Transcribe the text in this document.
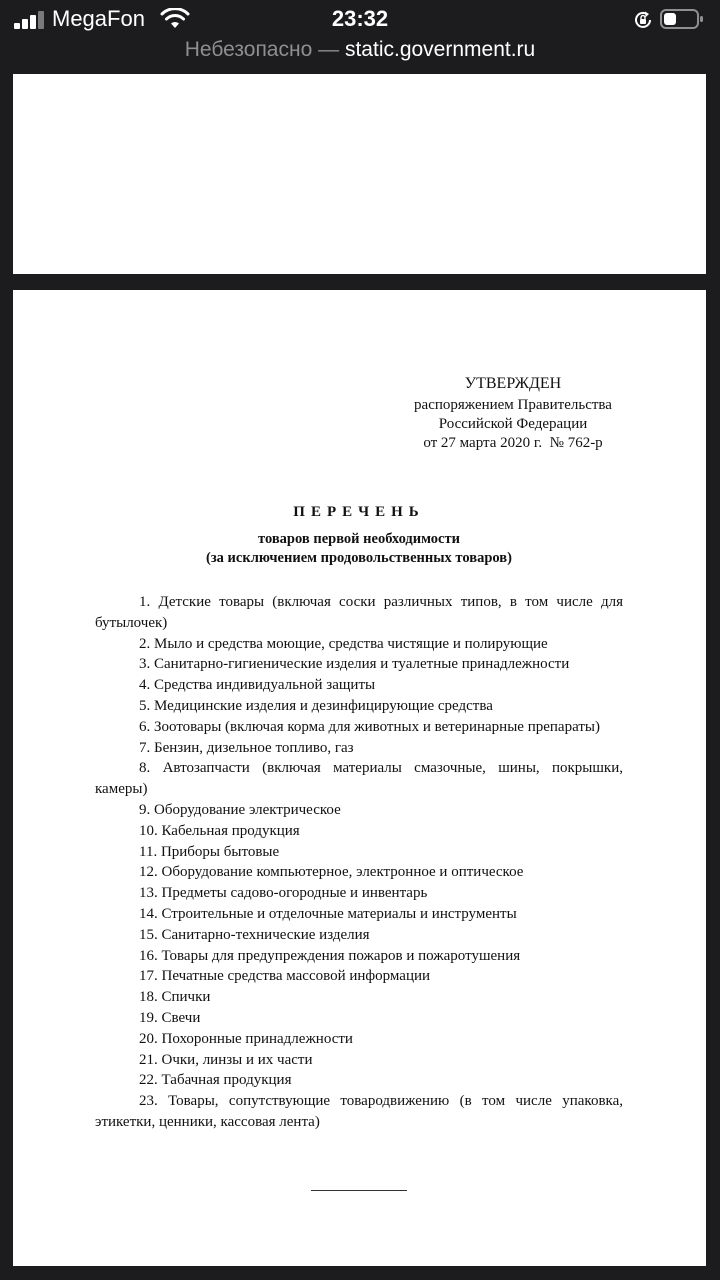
MegaFon	23:32
Небезопасно — static.government.ru
УТВЕРЖДЕН
распоряжением Правительства
Российской Федерации
от 27 марта 2020 г.  № 762-р
ПЕРЕЧЕНЬ
товаров первой необходимости
(за исключением продовольственных товаров)

1. Детские товары (включая соски различных типов, в том числе для бутылочек)

2. Мыло и средства моющие, средства чистящие и полирующие

3. Санитарно-гигиенические изделия и туалетные принадлежности

4. Средства индивидуальной защиты

5. Медицинские изделия и дезинфицирующие средства

6. Зоотовары (включая корма для животных и ветеринарные препараты)

7. Бензин, дизельное топливо, газ

8. Автозапчасти (включая материалы смазочные, шины, покрышки, камеры)

9. Оборудование электрическое

10. Кабельная продукция

11. Приборы бытовые

12. Оборудование компьютерное, электронное и оптическое

13. Предметы садово-огородные и инвентарь

14. Строительные и отделочные материалы и инструменты

15. Санитарно-технические изделия

16. Товары для предупреждения пожаров и пожаротушения

17. Печатные средства массовой информации

18. Спички

19. Свечи

20. Похоронные принадлежности

21. Очки, линзы и их части

22. Табачная продукция

23. Товары, сопутствующие товародвижению (в том числе упаковка, этикетки, ценники, кассовая лента)
